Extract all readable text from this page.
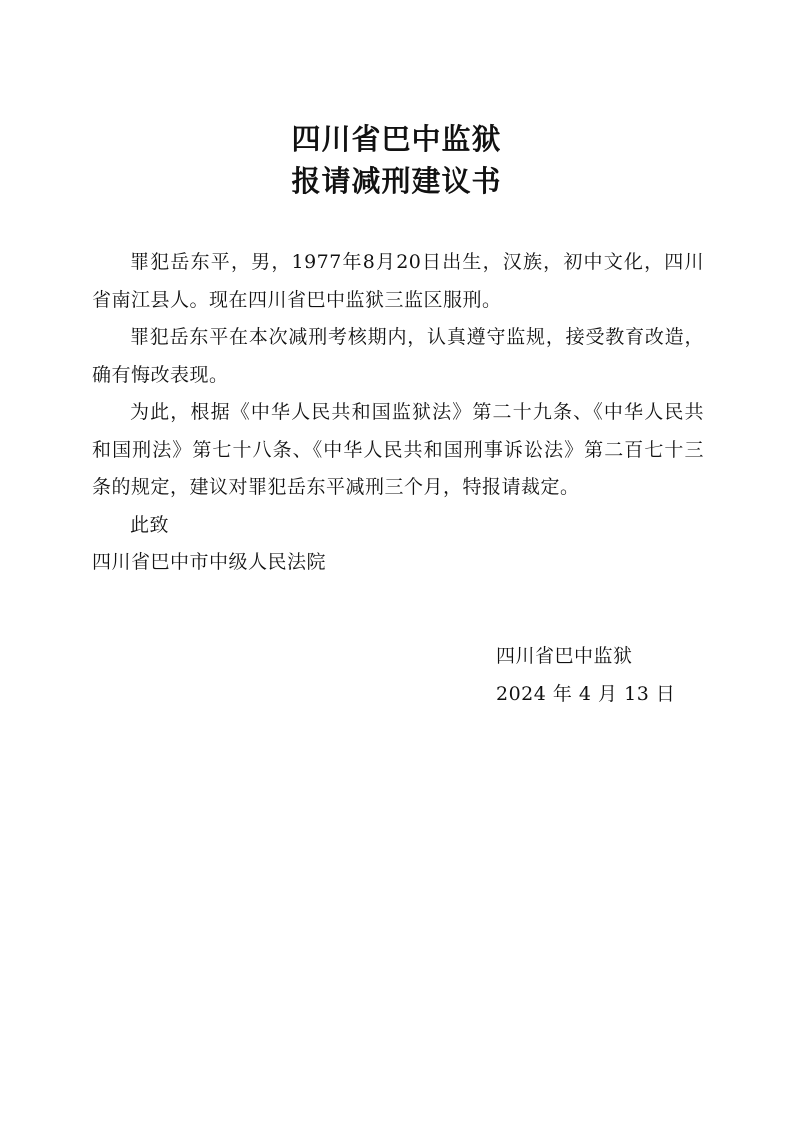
四川省巴中监狱
报请减刑建议书

罪犯岳东平，男，1977年8月20日出生，汉族，初中文化，四川省南江县人。现在四川省巴中监狱三监区服刑。

罪犯岳东平在本次减刑考核期内，认真遵守监规，接受教育改造，确有悔改表现。

为此，根据《中华人民共和国监狱法》第二十九条、《中华人民共和国刑法》第七十八条、《中华人民共和国刑事诉讼法》第二百七十三条的规定，建议对罪犯岳东平减刑三个月，特报请裁定。

此致

四川省巴中市中级人民法院

四川省巴中监狱
2024 年 4 月 13 日
